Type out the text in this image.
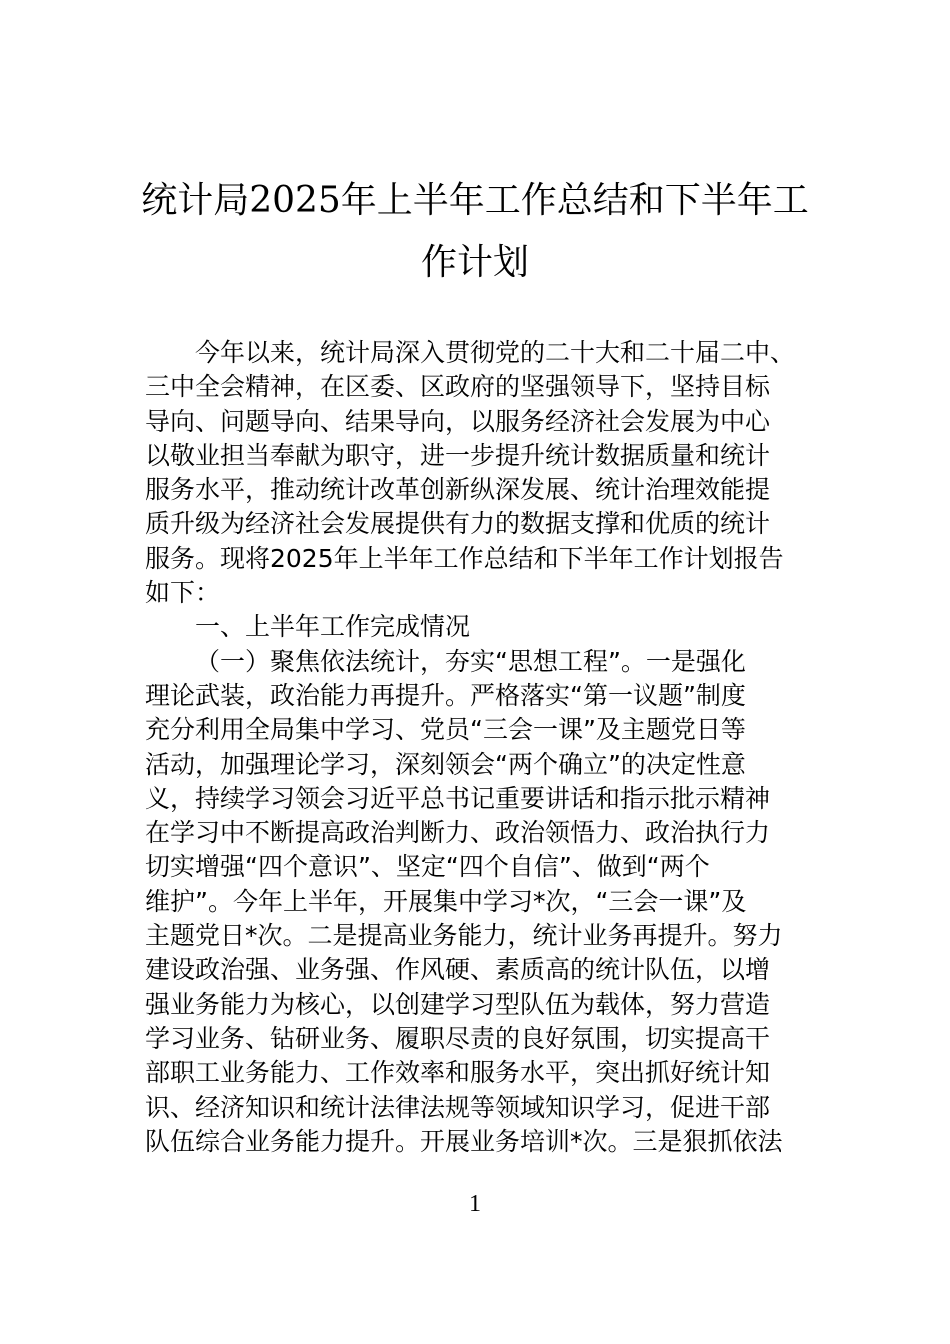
统计局2025年上半年工作总结和下半年工
作计划
今年以来，统计局深入贯彻党的二十大和二十届二中、
三中全会精神，在区委、区政府的坚强领导下，坚持目标
导向、问题导向、结果导向，以服务经济社会发展为中心
以敬业担当奉献为职守，进一步提升统计数据质量和统计
服务水平，推动统计改革创新纵深发展、统计治理效能提
质升级为经济社会发展提供有力的数据支撑和优质的统计
服务。现将2025年上半年工作总结和下半年工作计划报告
如下：
一、上半年工作完成情况
（一）聚焦依法统计，夯实“思想工程”。一是强化
理论武装，政治能力再提升。严格落实“第一议题”制度
充分利用全局集中学习、党员“三会一课”及主题党日等
活动，加强理论学习，深刻领会“两个确立”的决定性意
义，持续学习领会习近平总书记重要讲话和指示批示精神
在学习中不断提高政治判断力、政治领悟力、政治执行力
切实增强“四个意识”、坚定“四个自信”、做到“两个
维护”。今年上半年，开展集中学习*次，“三会一课”及
主题党日*次。二是提高业务能力，统计业务再提升。努力
建设政治强、业务强、作风硬、素质高的统计队伍，以增
强业务能力为核心，以创建学习型队伍为载体，努力营造
学习业务、钻研业务、履职尽责的良好氛围，切实提高干
部职工业务能力、工作效率和服务水平，突出抓好统计知
识、经济知识和统计法律法规等领域知识学习，促进干部
队伍综合业务能力提升。开展业务培训*次。三是狠抓依法
1
